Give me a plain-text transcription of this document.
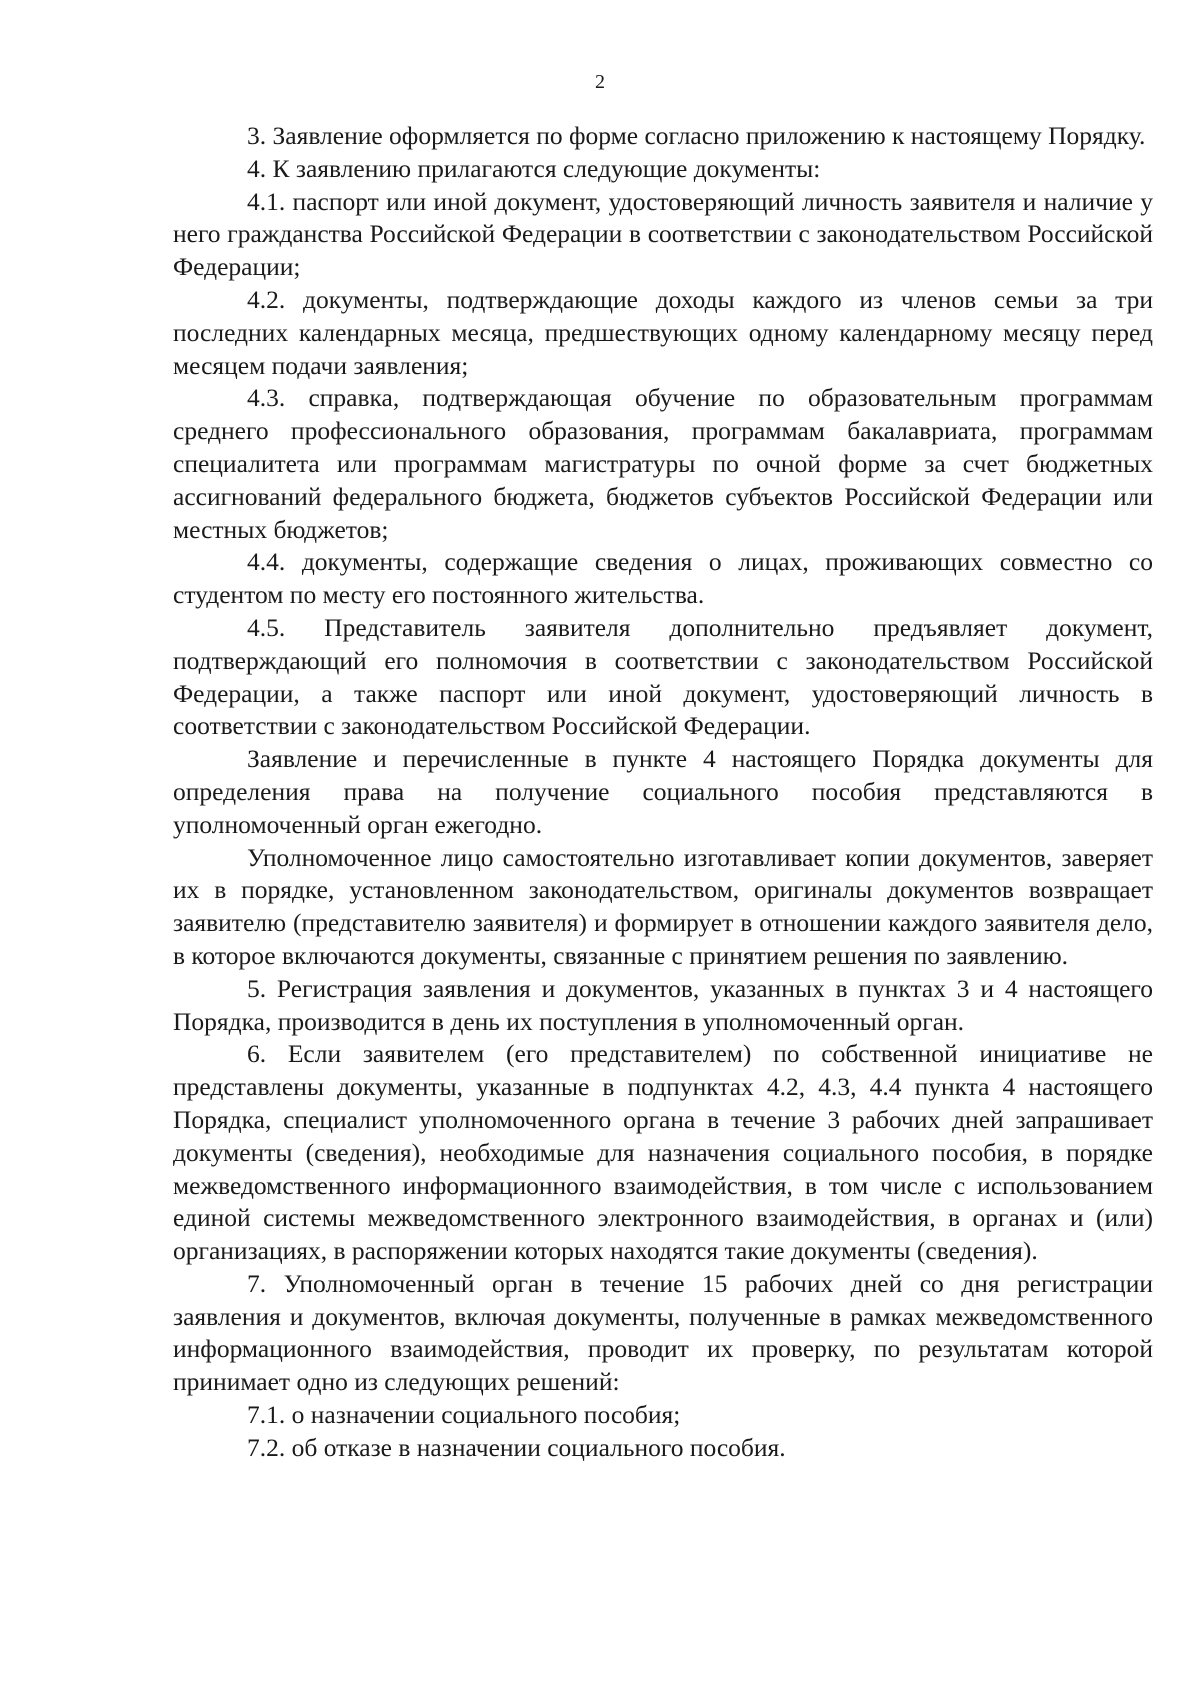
2

3. Заявление оформляется по форме согласно приложению к настоящему Порядку.

4. К заявлению прилагаются следующие документы:

4.1. паспорт или иной документ, удостоверяющий личность заявителя и наличие у него гражданства Российской Федерации в соответствии с законодательством Российской Федерации;

4.2. документы, подтверждающие доходы каждого из членов семьи за три последних календарных месяца, предшествующих одному календарному месяцу перед месяцем подачи заявления;

4.3. справка, подтверждающая обучение по образовательным программам среднего профессионального образования, программам бакалавриата, программам специалитета или программам магистратуры по очной форме за счет бюджетных ассигнований федерального бюджета, бюджетов субъектов Российской Федерации или местных бюджетов;

4.4. документы, содержащие сведения о лицах, проживающих совместно со студентом по месту его постоянного жительства.

4.5. Представитель заявителя дополнительно предъявляет документ, подтверждающий его полномочия в соответствии с законодательством Российской Федерации, а также паспорт или иной документ, удостоверяющий личность в соответствии с законодательством Российской Федерации.

Заявление и перечисленные в пункте 4 настоящего Порядка документы для определения права на получение социального пособия представляются в уполномоченный орган ежегодно.

Уполномоченное лицо самостоятельно изготавливает копии документов, заверяет их в порядке, установленном законодательством, оригиналы документов возвращает заявителю (представителю заявителя) и формирует в отношении каждого заявителя дело, в которое включаются документы, связанные с принятием решения по заявлению.

5. Регистрация заявления и документов, указанных в пунктах 3 и 4 настоящего Порядка, производится в день их поступления в уполномоченный орган.

6. Если заявителем (его представителем) по собственной инициативе не представлены документы, указанные в подпунктах 4.2, 4.3, 4.4 пункта 4 настоящего Порядка, специалист уполномоченного органа в течение 3 рабочих дней запрашивает документы (сведения), необходимые для назначения социального пособия, в порядке межведомственного информационного взаимодействия, в том числе с использованием единой системы межведомственного электронного взаимодействия, в органах и (или) организациях, в распоряжении которых находятся такие документы (сведения).

7. Уполномоченный орган в течение 15 рабочих дней со дня регистрации заявления и документов, включая документы, полученные в рамках межведомственного информационного взаимодействия, проводит их проверку, по результатам которой принимает одно из следующих решений:

7.1. о назначении социального пособия;

7.2. об отказе в назначении социального пособия.
